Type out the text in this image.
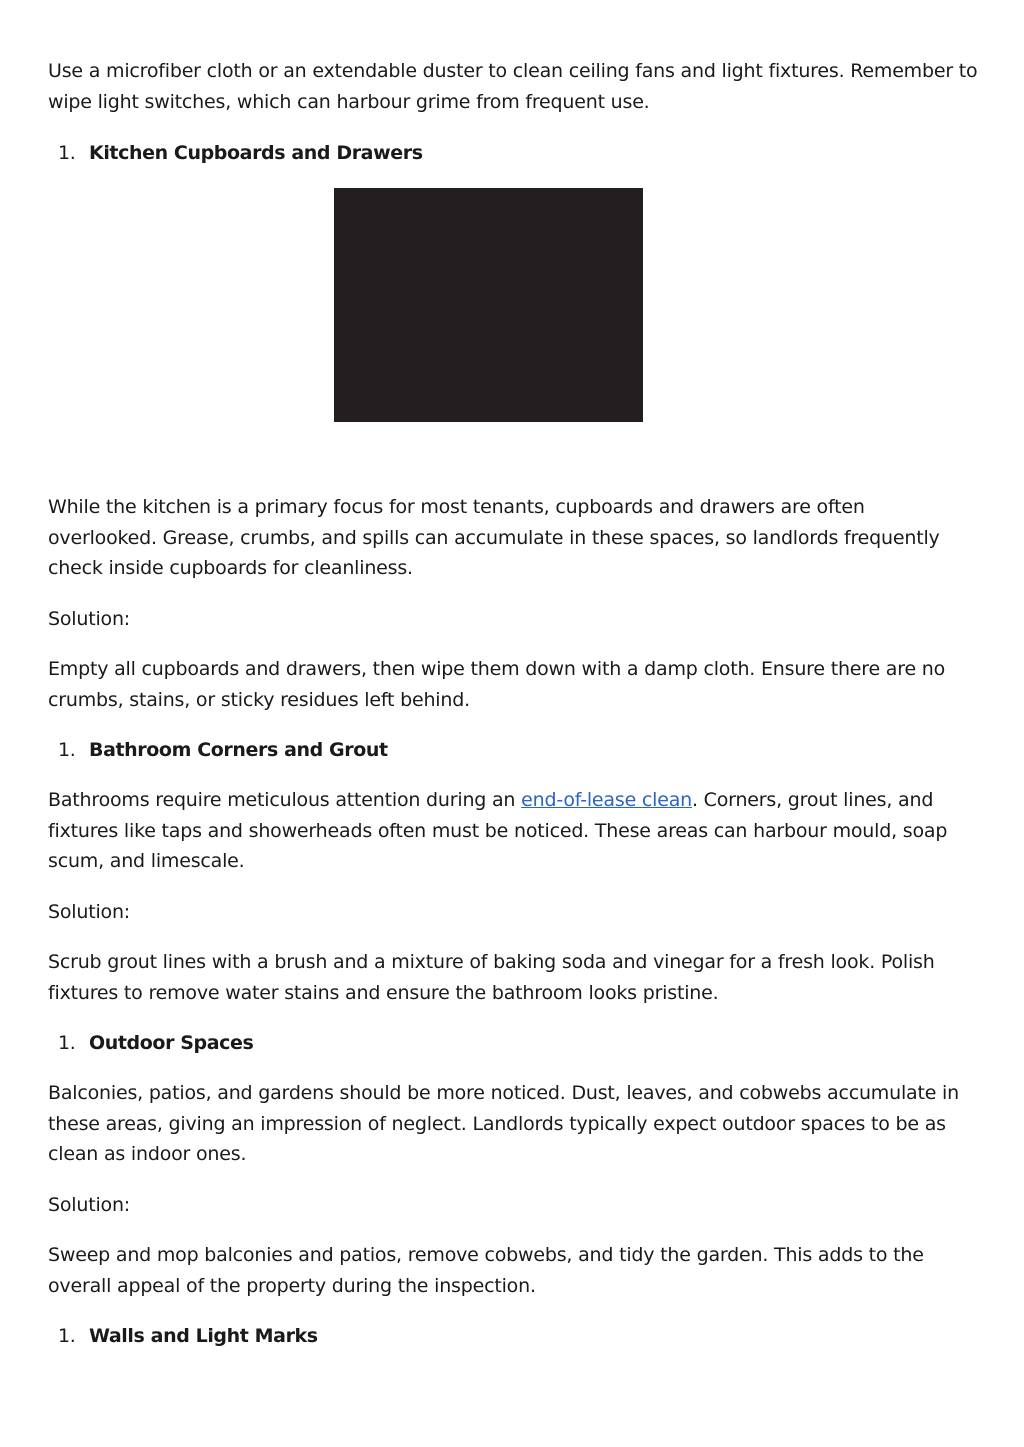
Use a microfiber cloth or an extendable duster to clean ceiling fans and light fixtures. Remember to wipe light switches, which can harbour grime from frequent use.

1. Kitchen Cupboards and Drawers

While the kitchen is a primary focus for most tenants, cupboards and drawers are often overlooked. Grease, crumbs, and spills can accumulate in these spaces, so landlords frequently check inside cupboards for cleanliness.

Solution:

Empty all cupboards and drawers, then wipe them down with a damp cloth. Ensure there are no crumbs, stains, or sticky residues left behind.

1. Bathroom Corners and Grout

Bathrooms require meticulous attention during an end-of-lease clean. Corners, grout lines, and fixtures like taps and showerheads often must be noticed. These areas can harbour mould, soap scum, and limescale.

Solution:

Scrub grout lines with a brush and a mixture of baking soda and vinegar for a fresh look. Polish fixtures to remove water stains and ensure the bathroom looks pristine.

1. Outdoor Spaces

Balconies, patios, and gardens should be more noticed. Dust, leaves, and cobwebs accumulate in these areas, giving an impression of neglect. Landlords typically expect outdoor spaces to be as clean as indoor ones.

Solution:

Sweep and mop balconies and patios, remove cobwebs, and tidy the garden. This adds to the overall appeal of the property during the inspection.

1. Walls and Light Marks
